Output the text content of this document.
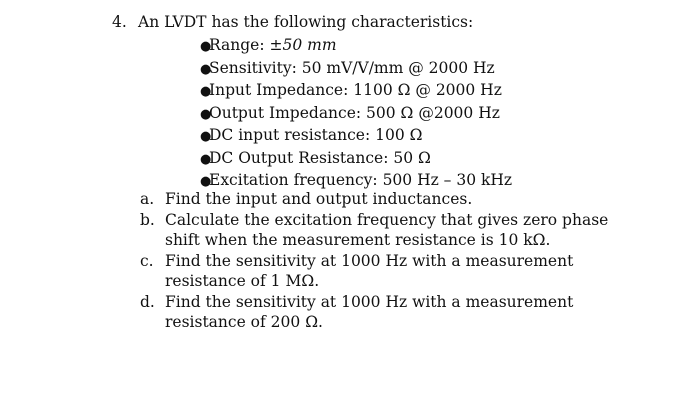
4. An LVDT has the following characteristics:
●Range: ±50 mm
●Sensitivity: 50 mV/V/mm @ 2000 Hz
●Input Impedance: 1100 Ω @ 2000 Hz
●Output Impedance: 500 Ω @2000 Hz
●DC input resistance: 100 Ω
●DC Output Resistance: 50 Ω
●Excitation frequency: 500 Hz – 30 kHz
a. Find the input and output inductances.
b. Calculate the excitation frequency that gives zero phase shift when the measurement resistance is 10 kΩ.
c. Find the sensitivity at 1000 Hz with a measurement resistance of 1 MΩ.
d. Find the sensitivity at 1000 Hz with a measurement resistance of 200 Ω.
